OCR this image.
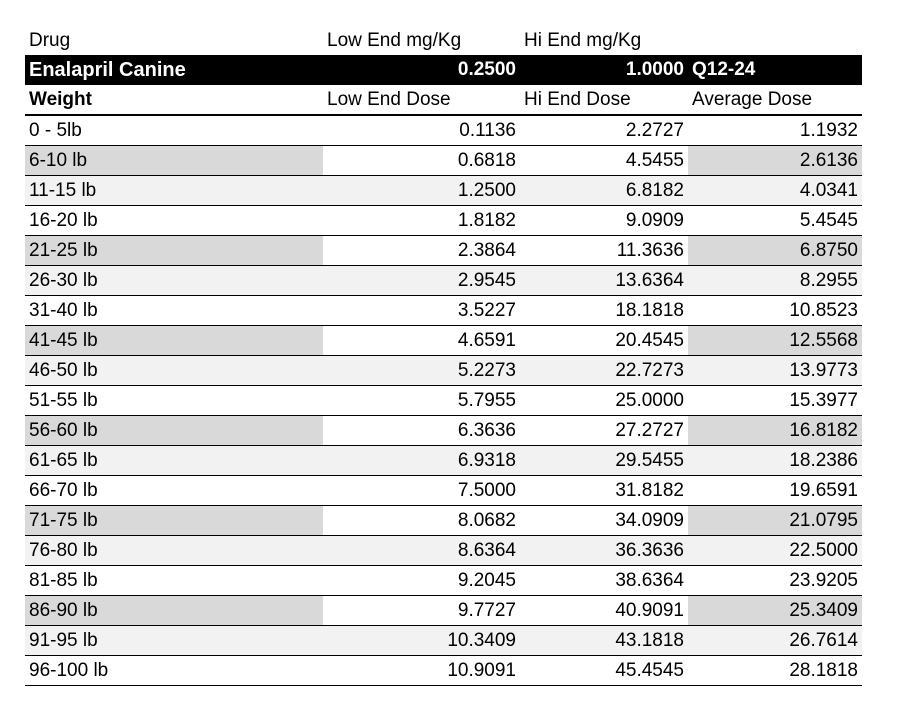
Drug	Low End mg/Kg	Hi End mg/Kg
Enalapril Canine	0.2500	1.0000 Q12-24
Weight	Low End Dose	Hi End Dose	Average Dose
0 - 5lb	0.1136	2.2727	1.1932
6-10 lb	0.6818	4.5455	2.6136
11-15 lb	1.2500	6.8182	4.0341
16-20 lb	1.8182	9.0909	5.4545
21-25 lb	2.3864	11.3636	6.8750
26-30 lb	2.9545	13.6364	8.2955
31-40 lb	3.5227	18.1818	10.8523
41-45 lb	4.6591	20.4545	12.5568
46-50 lb	5.2273	22.7273	13.9773
51-55 lb	5.7955	25.0000	15.3977
56-60 lb	6.3636	27.2727	16.8182
61-65 lb	6.9318	29.5455	18.2386
66-70 lb	7.5000	31.8182	19.6591
71-75 lb	8.0682	34.0909	21.0795
76-80 lb	8.6364	36.3636	22.5000
81-85 lb	9.2045	38.6364	23.9205
86-90 lb	9.7727	40.9091	25.3409
91-95 lb	10.3409	43.1818	26.7614
96-100 lb	10.9091	45.4545	28.1818
